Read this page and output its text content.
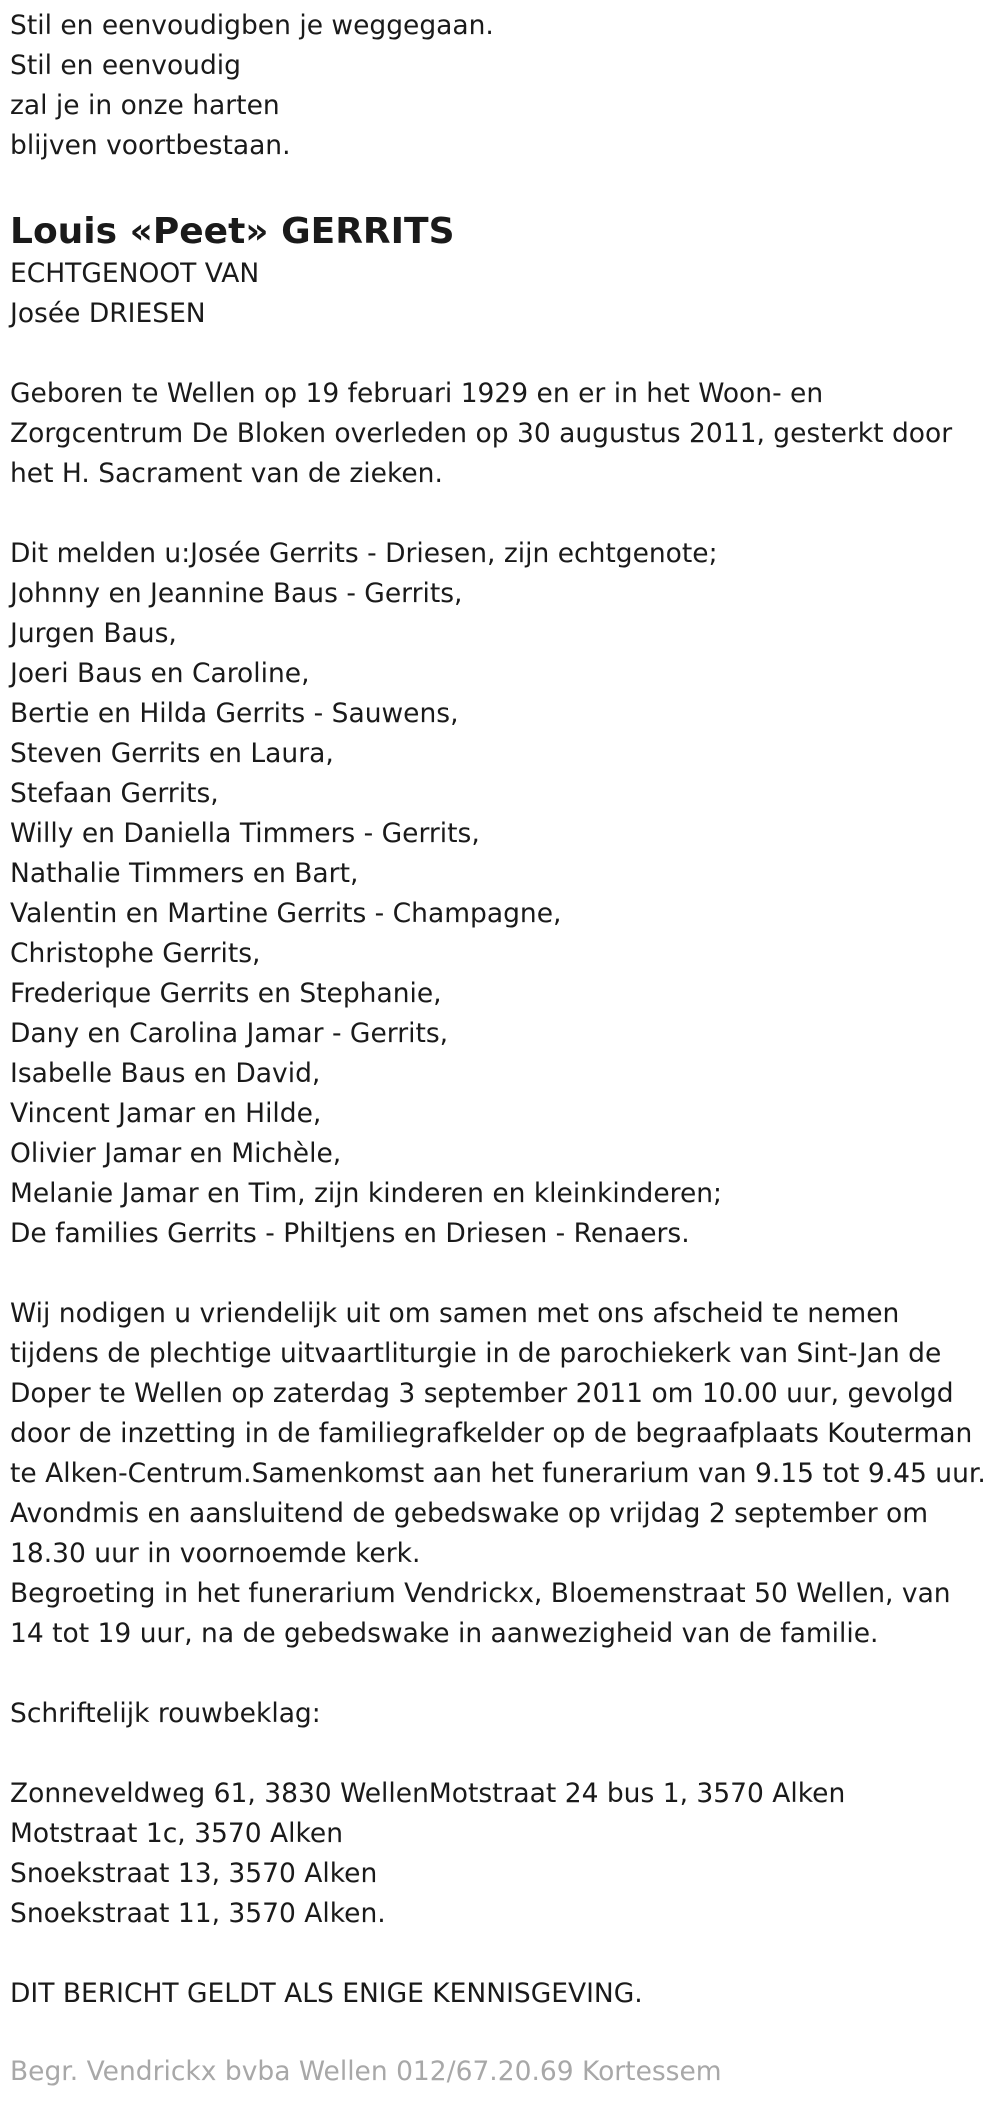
Stil en eenvoudigben je weggegaan.
Stil en eenvoudig
zal je in onze harten
blijven voortbestaan.
Louis «Peet» GERRITS
ECHTGENOOT VAN
Josée DRIESEN
Geboren te Wellen op 19 februari 1929 en er in het Woon- en
Zorgcentrum De Bloken overleden op 30 augustus 2011, gesterkt door
het H. Sacrament van de zieken.
Dit melden u:Josée Gerrits - Driesen, zijn echtgenote;
Johnny en Jeannine Baus - Gerrits,
Jurgen Baus,
Joeri Baus en Caroline,
Bertie en Hilda Gerrits - Sauwens,
Steven Gerrits en Laura,
Stefaan Gerrits,
Willy en Daniella Timmers - Gerrits,
Nathalie Timmers en Bart,
Valentin en Martine Gerrits - Champagne,
Christophe Gerrits,
Frederique Gerrits en Stephanie,
Dany en Carolina Jamar - Gerrits,
Isabelle Baus en David,
Vincent Jamar en Hilde,
Olivier Jamar en Michèle,
Melanie Jamar en Tim, zijn kinderen en kleinkinderen;
De families Gerrits - Philtjens en Driesen - Renaers.
Wij nodigen u vriendelijk uit om samen met ons afscheid te nemen
tijdens de plechtige uitvaartliturgie in de parochiekerk van Sint-Jan de
Doper te Wellen op zaterdag 3 september 2011 om 10.00 uur, gevolgd
door de inzetting in de familiegrafkelder op de begraafplaats Kouterman
te Alken-Centrum.Samenkomst aan het funerarium van 9.15 tot 9.45 uur.
Avondmis en aansluitend de gebedswake op vrijdag 2 september om
18.30 uur in voornoemde kerk.
Begroeting in het funerarium Vendrickx, Bloemenstraat 50 Wellen, van
14 tot 19 uur, na de gebedswake in aanwezigheid van de familie.
Schriftelijk rouwbeklag:
Zonneveldweg 61, 3830 WellenMotstraat 24 bus 1, 3570 Alken
Motstraat 1c, 3570 Alken
Snoekstraat 13, 3570 Alken
Snoekstraat 11, 3570 Alken.
DIT BERICHT GELDT ALS ENIGE KENNISGEVING.
Begr. Vendrickx bvba Wellen 012/67.20.69 Kortessem
